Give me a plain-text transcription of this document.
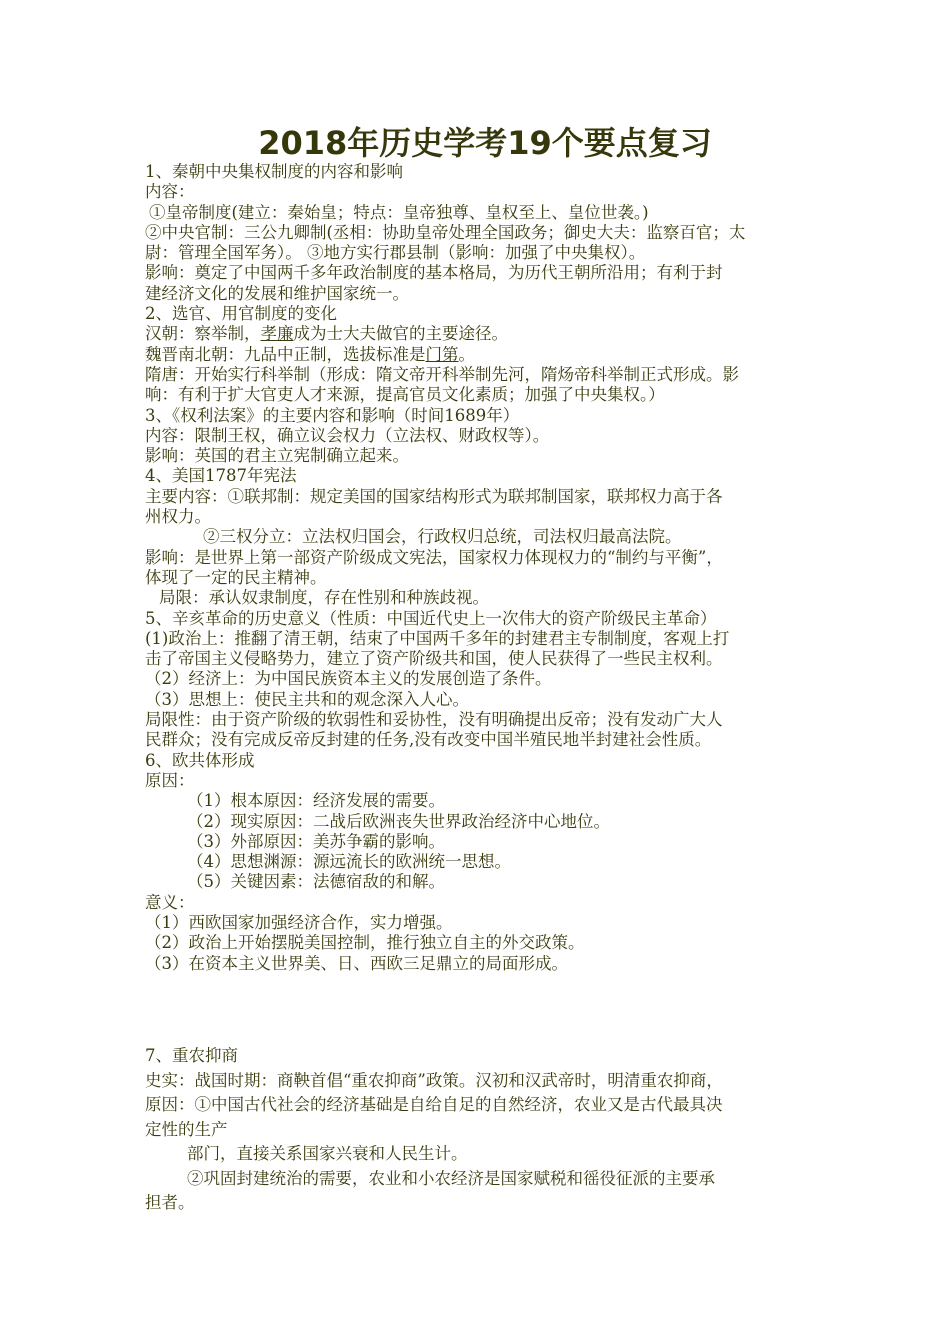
2018年历史学考19个要点复习
1、秦朝中央集权制度的内容和影响
内容：
①皇帝制度(建立：秦始皇；特点：皇帝独尊、皇权至上、皇位世袭。)
②中央官制：三公九卿制(丞相：协助皇帝处理全国政务；御史大夫：监察百官；太
尉：管理全国军务）。 ③地方实行郡县制（影响：加强了中央集权）。
影响：奠定了中国两千多年政治制度的基本格局，为历代王朝所沿用；有利于封
建经济文化的发展和维护国家统一。
2、选官、用官制度的变化
汉朝：察举制，孝廉成为士大夫做官的主要途径。
魏晋南北朝：九品中正制，选拔标准是门第。
隋唐：开始实行科举制（形成：隋文帝开科举制先河，隋炀帝科举制正式形成。影
响：有利于扩大官吏人才来源，提高官员文化素质；加强了中央集权。）
3、《权利法案》的主要内容和影响（时间1689年）
内容：限制王权，确立议会权力（立法权、财政权等）。
影响：英国的君主立宪制确立起来。
4、美国1787年宪法
主要内容：①联邦制：规定美国的国家结构形式为联邦制国家，联邦权力高于各
州权力。
②三权分立：立法权归国会，行政权归总统，司法权归最高法院。
影响：是世界上第一部资产阶级成文宪法，国家权力体现权力的“制约与平衡”，
体现了一定的民主精神。
局限：承认奴隶制度，存在性别和种族歧视。
5、辛亥革命的历史意义（性质：中国近代史上一次伟大的资产阶级民主革命）
(1)政治上：推翻了清王朝，结束了中国两千多年的封建君主专制制度，客观上打
击了帝国主义侵略势力，建立了资产阶级共和国，使人民获得了一些民主权利。
（2）经济上：为中国民族资本主义的发展创造了条件。
（3）思想上：使民主共和的观念深入人心。
局限性：由于资产阶级的软弱性和妥协性，没有明确提出反帝；没有发动广大人
民群众；没有完成反帝反封建的任务,没有改变中国半殖民地半封建社会性质。
6、欧共体形成
原因：
（1）根本原因：经济发展的需要。
（2）现实原因：二战后欧洲丧失世界政治经济中心地位。
（3）外部原因：美苏争霸的影响。
（4）思想渊源：源远流长的欧洲统一思想。
（5）关键因素：法德宿敌的和解。
意义：
（1）西欧国家加强经济合作，实力增强。
（2）政治上开始摆脱美国控制，推行独立自主的外交政策。
（3）在资本主义世界美、日、西欧三足鼎立的局面形成。
7、重农抑商
史实：战国时期：商鞅首倡“重农抑商”政策。汉初和汉武帝时，明清重农抑商，
原因：①中国古代社会的经济基础是自给自足的自然经济，农业又是古代最具决
定性的生产
部门，直接关系国家兴衰和人民生计。
②巩固封建统治的需要，农业和小农经济是国家赋税和徭役征派的主要承
担者。
